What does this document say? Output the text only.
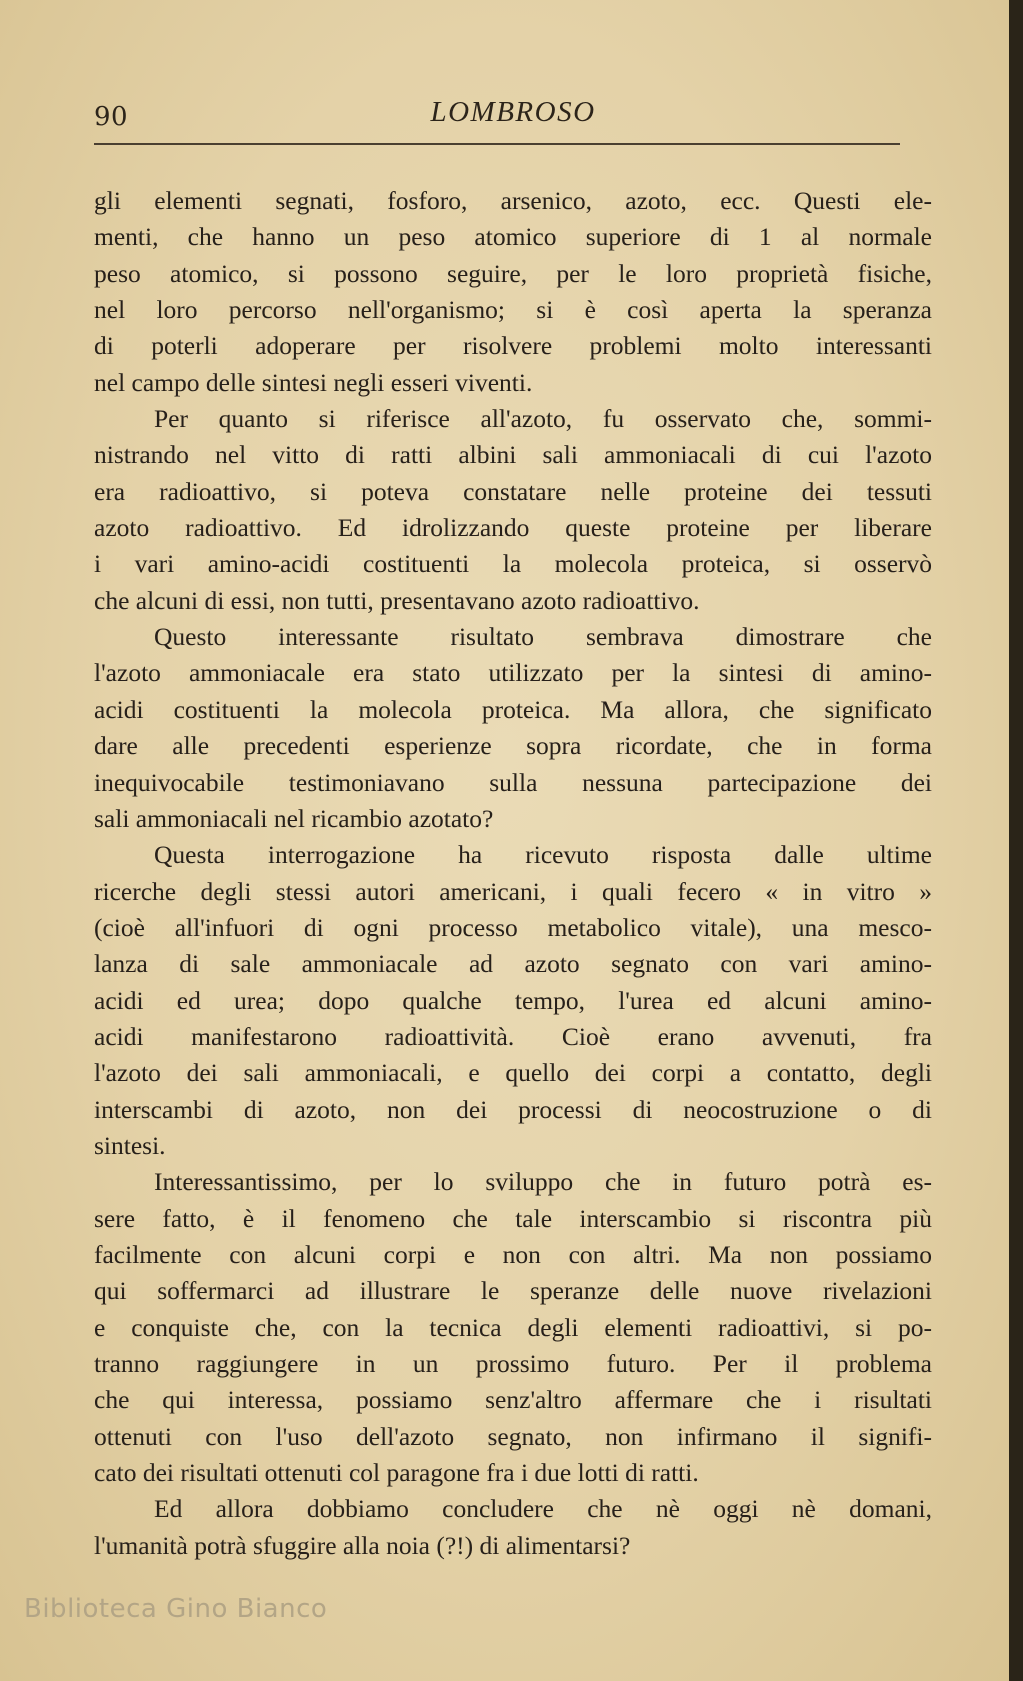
90	LOMBROSO

gli elementi segnati, fosforo, arsenico, azoto, ecc. Questi ele-
menti, che hanno un peso atomico superiore di 1 al normale
peso atomico, si possono seguire, per le loro proprietà fisiche,
nel loro percorso nell'organismo; si è così aperta la speranza
di poterli adoperare per risolvere problemi molto interessanti
nel campo delle sintesi negli esseri viventi.

Per quanto si riferisce all'azoto, fu osservato che, sommi-
nistrando nel vitto di ratti albini sali ammoniacali di cui l'azoto
era radioattivo, si poteva constatare nelle proteine dei tessuti
azoto radioattivo. Ed idrolizzando queste proteine per liberare
i vari amino-acidi costituenti la molecola proteica, si osservò
che alcuni di essi, non tutti, presentavano azoto radioattivo.

Questo interessante risultato sembrava dimostrare che
l'azoto ammoniacale era stato utilizzato per la sintesi di amino-
acidi costituenti la molecola proteica. Ma allora, che significato
dare alle precedenti esperienze sopra ricordate, che in forma
inequivocabile testimoniavano sulla nessuna partecipazione dei
sali ammoniacali nel ricambio azotato?

Questa interrogazione ha ricevuto risposta dalle ultime
ricerche degli stessi autori americani, i quali fecero « in vitro »
(cioè all'infuori di ogni processo metabolico vitale), una mesco-
lanza di sale ammoniacale ad azoto segnato con vari amino-
acidi ed urea; dopo qualche tempo, l'urea ed alcuni amino-
acidi manifestarono radioattività. Cioè erano avvenuti, fra
l'azoto dei sali ammoniacali, e quello dei corpi a contatto, degli
interscambi di azoto, non dei processi di neocostruzione o di
sintesi.

Interessantissimo, per lo sviluppo che in futuro potrà es-
sere fatto, è il fenomeno che tale interscambio si riscontra più
facilmente con alcuni corpi e non con altri. Ma non possiamo
qui soffermarci ad illustrare le speranze delle nuove rivelazioni
e conquiste che, con la tecnica degli elementi radioattivi, si po-
tranno raggiungere in un prossimo futuro. Per il problema
che qui interessa, possiamo senz'altro affermare che i risultati
ottenuti con l'uso dell'azoto segnato, non infirmano il signifi-
cato dei risultati ottenuti col paragone fra i due lotti di ratti.

Ed allora dobbiamo concludere che nè oggi nè domani,
l'umanità potrà sfuggire alla noia (?!) di alimentarsi?

Biblioteca Gino Bianco
